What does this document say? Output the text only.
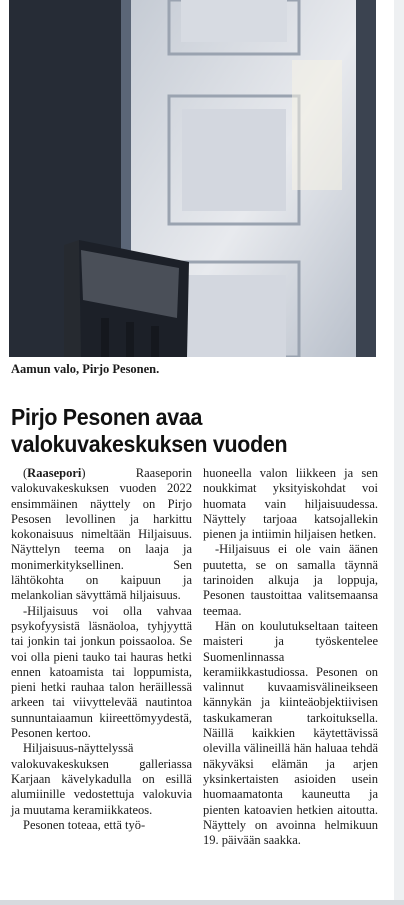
Aamun valo, Pirjo Pesonen.
Pirjo Pesonen avaa valokuvakeskuksen vuoden

(Raasepori) Raaseporin valokuvakeskuksen vuoden 2022 ensimmäinen näyttely on Pirjo Pesosen levollinen ja harkittu kokonaisuus nimeltään Hiljaisuus. Näyttelyn teema on laaja ja monimerkityksellinen. Sen lähtökohta on kaipuun ja melankolian sävyttämä hiljaisuus.

-Hiljaisuus voi olla vahvaa psykofyysistä läsnäoloa, tyhjyyttä tai jonkin tai jonkun poissaoloa. Se voi olla pieni tauko tai hauras hetki ennen katoamista tai loppumista, pieni hetki rauhaa talon heräillessä arkeen tai viivyttelevää nautintoa sunnuntaiaamun kiireettömyydestä, Pesonen kertoo.

Hiljaisuus-näyttelyssä valokuvakeskuksen galleriassa Karjaan kävelykadulla on esillä alumiinille vedostettuja valokuvia ja muutama keramiikkateos.

Pesonen toteaa, että työ-

huoneella valon liikkeen ja sen noukkimat yksityiskohdat voi huomata vain hiljaisuudessa. Näyttely tarjoaa katsojallekin pienen ja intiimin hiljaisen hetken.

-Hiljaisuus ei ole vain äänen puutetta, se on samalla täynnä tarinoiden alkuja ja loppuja, Pesonen taustoittaa valitsemaansa teemaa.

Hän on koulutukseltaan taiteen maisteri ja työskentelee Suomenlinnassa keramiikkastudiossa. Pesonen on valinnut kuvaamisvälineikseen kännykän ja kiinteäobjektiivisen taskukameran tarkoituksella. Näillä kaikkien käytettävissä olevilla välineillä hän haluaa tehdä näkyväksi elämän ja arjen yksinkertaisten asioiden usein huomaamatonta kauneutta ja pienten katoavien hetkien aitoutta. Näyttely on avoinna helmikuun 19. päivään saakka.
